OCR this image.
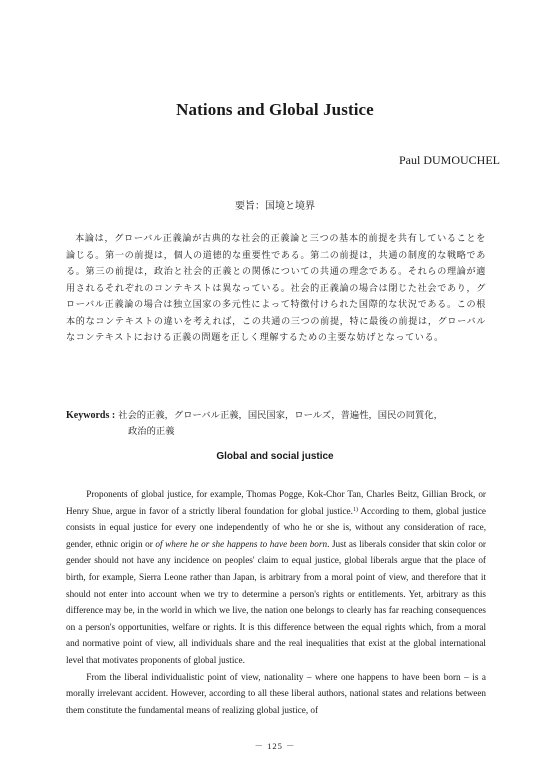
Nations and Global Justice
Paul DUMOUCHEL
要旨：国境と境界

本論は，グローバル正義論が古典的な社会的正義論と三つの基本的前提を共有していることを論じる。第一の前提は，個人の道徳的な重要性である。第二の前提は，共通の制度的な戦略である。第三の前提は，政治と社会的正義との関係についての共通の理念である。それらの理論が適用されるそれぞれのコンテキストは異なっている。社会的正義論の場合は閉じた社会であり，グローバル正義論の場合は独立国家の多元性によって特徴付けられた国際的な状況である。この根本的なコンテキストの違いを考えれば，この共通の三つの前提，特に最後の前提は，グローバルなコンテキストにおける正義の問題を正しく理解するための主要な妨げとなっている。

Keywords : 社会的正義，グローバル正義，国民国家，ロールズ，普遍性，国民の同質化，
政治的正義
Global and social justice

Proponents of global justice, for example, Thomas Pogge, Kok-Chor Tan, Charles Beitz, Gillian Brock, or Henry Shue, argue in favor of a strictly liberal foundation for global justice.$^{1)}$ According to them, global justice consists in equal justice for every one independently of who he or she is, without any consideration of race, gender, ethnic origin or of where he or she happens to have been born. Just as liberals consider that skin color or gender should not have any incidence on peoples' claim to equal justice, global liberals argue that the place of birth, for example, Sierra Leone rather than Japan, is arbitrary from a moral point of view, and therefore that it should not enter into account when we try to determine a person's rights or entitlements. Yet, arbitrary as this difference may be, in the world in which we live, the nation one belongs to clearly has far reaching consequences on a person's opportunities, welfare or rights. It is this difference between the equal rights which, from a moral and normative point of view, all individuals share and the real inequalities that exist at the global international level that motivates proponents of global justice.

From the liberal individualistic point of view, nationality – where one happens to have been born – is a morally irrelevant accident. However, according to all these liberal authors, national states and relations between them constitute the fundamental means of realizing global justice, of

－ 125 －
